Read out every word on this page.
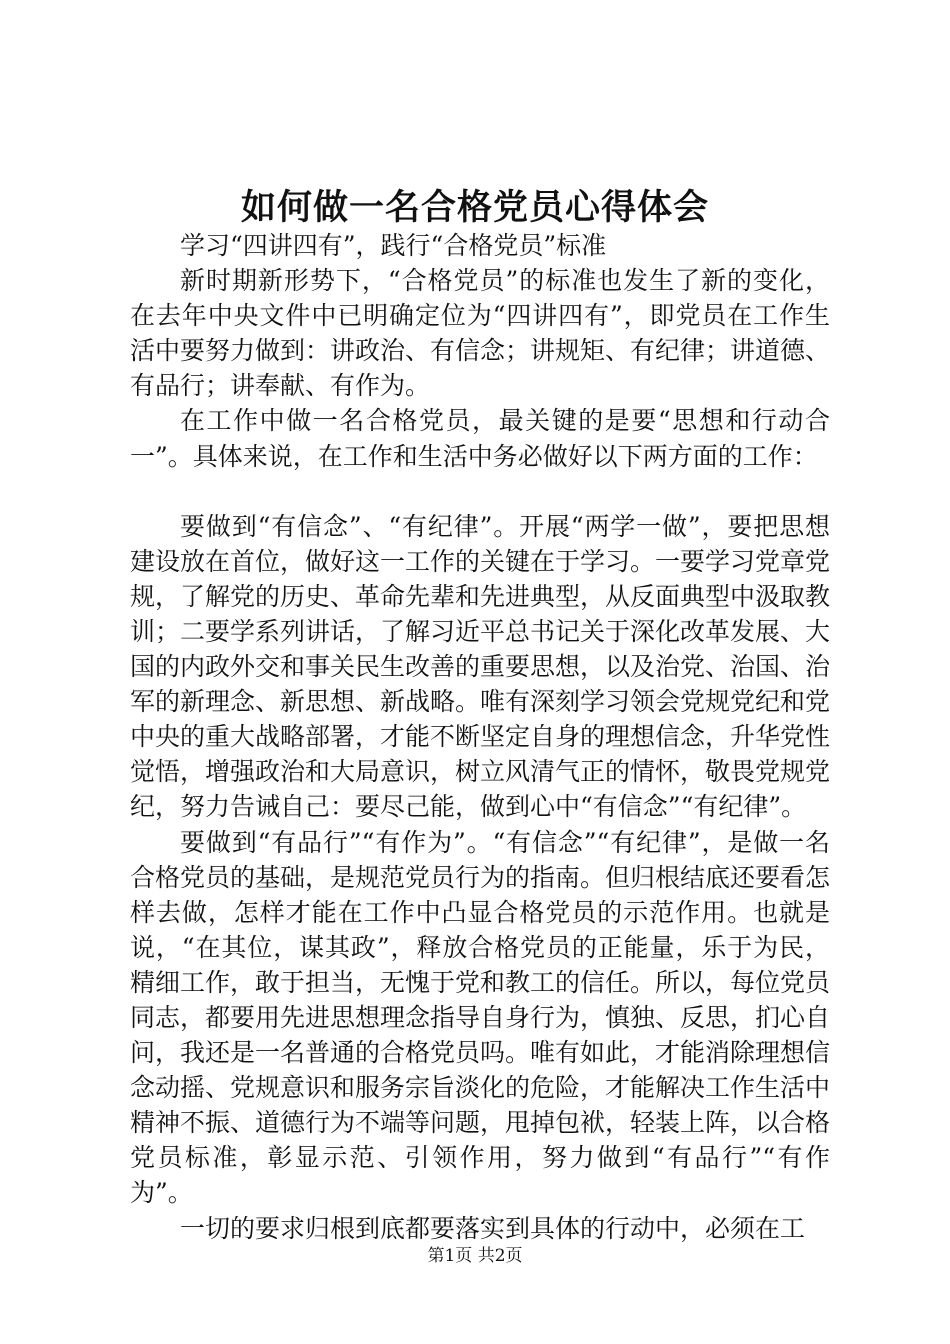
如何做一名合格党员心得体会

学习“四讲四有”，践行“合格党员”标准

新时期新形势下，“合格党员”的标准也发生了新的变化，在去年中央文件中已明确定位为“四讲四有”，即党员在工作生活中要努力做到：讲政治、有信念；讲规矩、有纪律；讲道德、有品行；讲奉献、有作为。

在工作中做一名合格党员，最关键的是要“思想和行动合一”。具体来说，在工作和生活中务必做好以下两方面的工作：

要做到“有信念”、“有纪律”。开展“两学一做”，要把思想建设放在首位，做好这一工作的关键在于学习。一要学习党章党规，了解党的历史、革命先辈和先进典型，从反面典型中汲取教训；二要学系列讲话，了解习近平总书记关于深化改革发展、大国的内政外交和事关民生改善的重要思想，以及治党、治国、治军的新理念、新思想、新战略。唯有深刻学习领会党规党纪和党中央的重大战略部署，才能不断坚定自身的理想信念，升华党性觉悟，增强政治和大局意识，树立风清气正的情怀，敬畏党规党纪，努力告诫自己：要尽己能，做到心中“有信念”“有纪律”。

要做到“有品行”“有作为”。“有信念”“有纪律”，是做一名合格党员的基础，是规范党员行为的指南。但归根结底还要看怎样去做，怎样才能在工作中凸显合格党员的示范作用。也就是说，“在其位，谋其政”，释放合格党员的正能量，乐于为民，精细工作，敢于担当，无愧于党和教工的信任。所以，每位党员同志，都要用先进思想理念指导自身行为，慎独、反思，扪心自问，我还是一名普通的合格党员吗。唯有如此，才能消除理想信念动摇、党规意识和服务宗旨淡化的危险，才能解决工作生活中精神不振、道德行为不端等问题，甩掉包袱，轻装上阵，以合格党员标准，彰显示范、引领作用，努力做到“有品行”“有作为”。

一切的要求归根到底都要落实到具体的行动中，必须在工

第1页 共2页
